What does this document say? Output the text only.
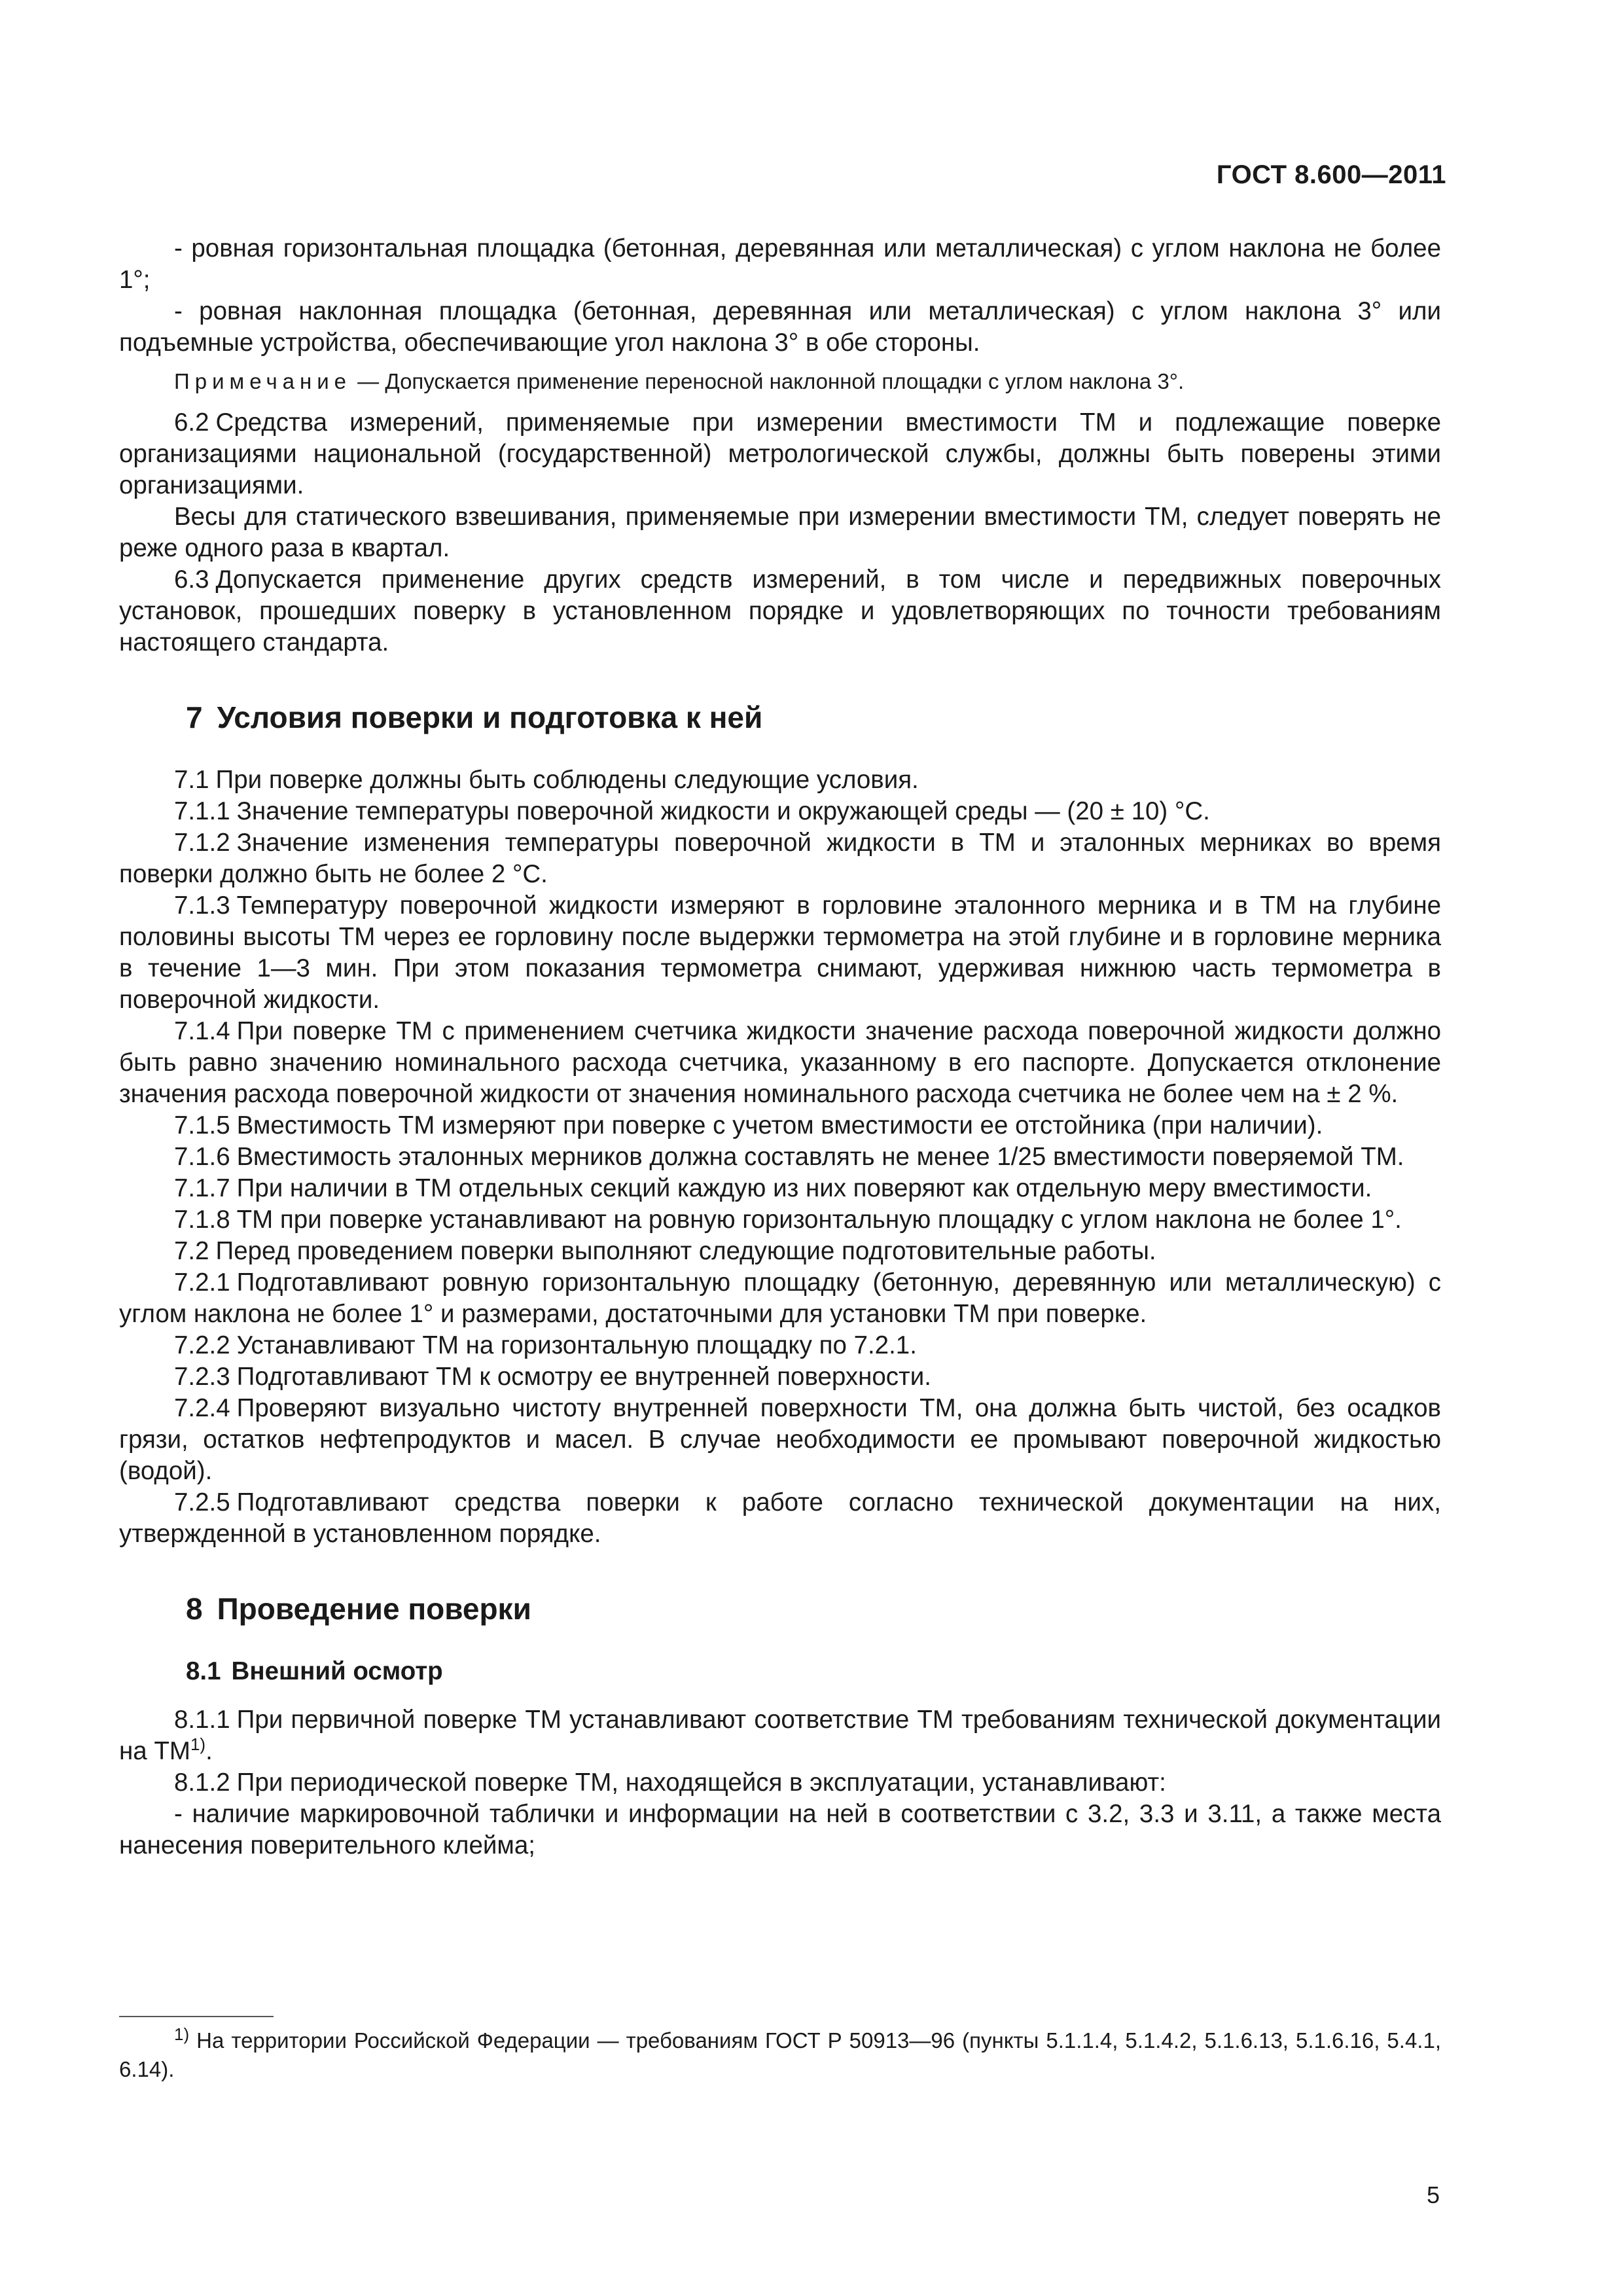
ГОСТ 8.600—2011

- ровная горизонтальная площадка (бетонная, деревянная или металлическая) с углом наклона не более 1°;

- ровная наклонная площадка (бетонная, деревянная или металлическая) с углом наклона 3° или подъемные устройства, обеспечивающие угол наклона 3° в обе стороны.

Примечание — Допускается применение переносной наклонной площадки с углом наклона 3°.

6.2 Средства измерений, применяемые при измерении вместимости ТМ и подлежащие поверке организациями национальной (государственной) метрологической службы, должны быть поверены этими организациями.

Весы для статического взвешивания, применяемые при измерении вместимости ТМ, следует поверять не реже одного раза в квартал.

6.3 Допускается применение других средств измерений, в том числе и передвижных поверочных установок, прошедших поверку в установленном порядке и удовлетворяющих по точности требованиям настоящего стандарта.

7 Условия поверки и подготовка к ней

7.1 При поверке должны быть соблюдены следующие условия.

7.1.1 Значение температуры поверочной жидкости и окружающей среды — (20 ± 10) °С.

7.1.2 Значение изменения температуры поверочной жидкости в ТМ и эталонных мерниках во время поверки должно быть не более 2 °С.

7.1.3 Температуру поверочной жидкости измеряют в горловине эталонного мерника и в ТМ на глубине половины высоты ТМ через ее горловину после выдержки термометра на этой глубине и в горловине мерника в течение 1—3 мин. При этом показания термометра снимают, удерживая нижнюю часть термометра в поверочной жидкости.

7.1.4 При поверке ТМ с применением счетчика жидкости значение расхода поверочной жидкости должно быть равно значению номинального расхода счетчика, указанному в его паспорте. Допускается отклонение значения расхода поверочной жидкости от значения номинального расхода счетчика не более чем на ± 2 %.

7.1.5 Вместимость ТМ измеряют при поверке с учетом вместимости ее отстойника (при наличии).

7.1.6 Вместимость эталонных мерников должна составлять не менее 1/25 вместимости поверяемой ТМ.

7.1.7 При наличии в ТМ отдельных секций каждую из них поверяют как отдельную меру вместимости.

7.1.8 ТМ при поверке устанавливают на ровную горизонтальную площадку с углом наклона не более 1°.

7.2 Перед проведением поверки выполняют следующие подготовительные работы.

7.2.1 Подготавливают ровную горизонтальную площадку (бетонную, деревянную или металлическую) с углом наклона не более 1° и размерами, достаточными для установки ТМ при поверке.

7.2.2 Устанавливают ТМ на горизонтальную площадку по 7.2.1.

7.2.3 Подготавливают ТМ к осмотру ее внутренней поверхности.

7.2.4 Проверяют визуально чистоту внутренней поверхности ТМ, она должна быть чистой, без осадков грязи, остатков нефтепродуктов и масел. В случае необходимости ее промывают поверочной жидкостью (водой).

7.2.5 Подготавливают средства поверки к работе согласно технической документации на них, утвержденной в установленном порядке.

8 Проведение поверки
8.1 Внешний осмотр

8.1.1 При первичной поверке ТМ устанавливают соответствие ТМ требованиям технической документации на ТМ$^{1)}$.

8.1.2 При периодической поверке ТМ, находящейся в эксплуатации, устанавливают:

- наличие маркировочной таблички и информации на ней в соответствии с 3.2, 3.3 и 3.11, а также места нанесения поверительного клейма;

$^{1)}$ На территории Российской Федерации — требованиям ГОСТ Р 50913—96 (пункты 5.1.1.4, 5.1.4.2, 5.1.6.13, 5.1.6.16, 5.4.1, 6.14).

5
